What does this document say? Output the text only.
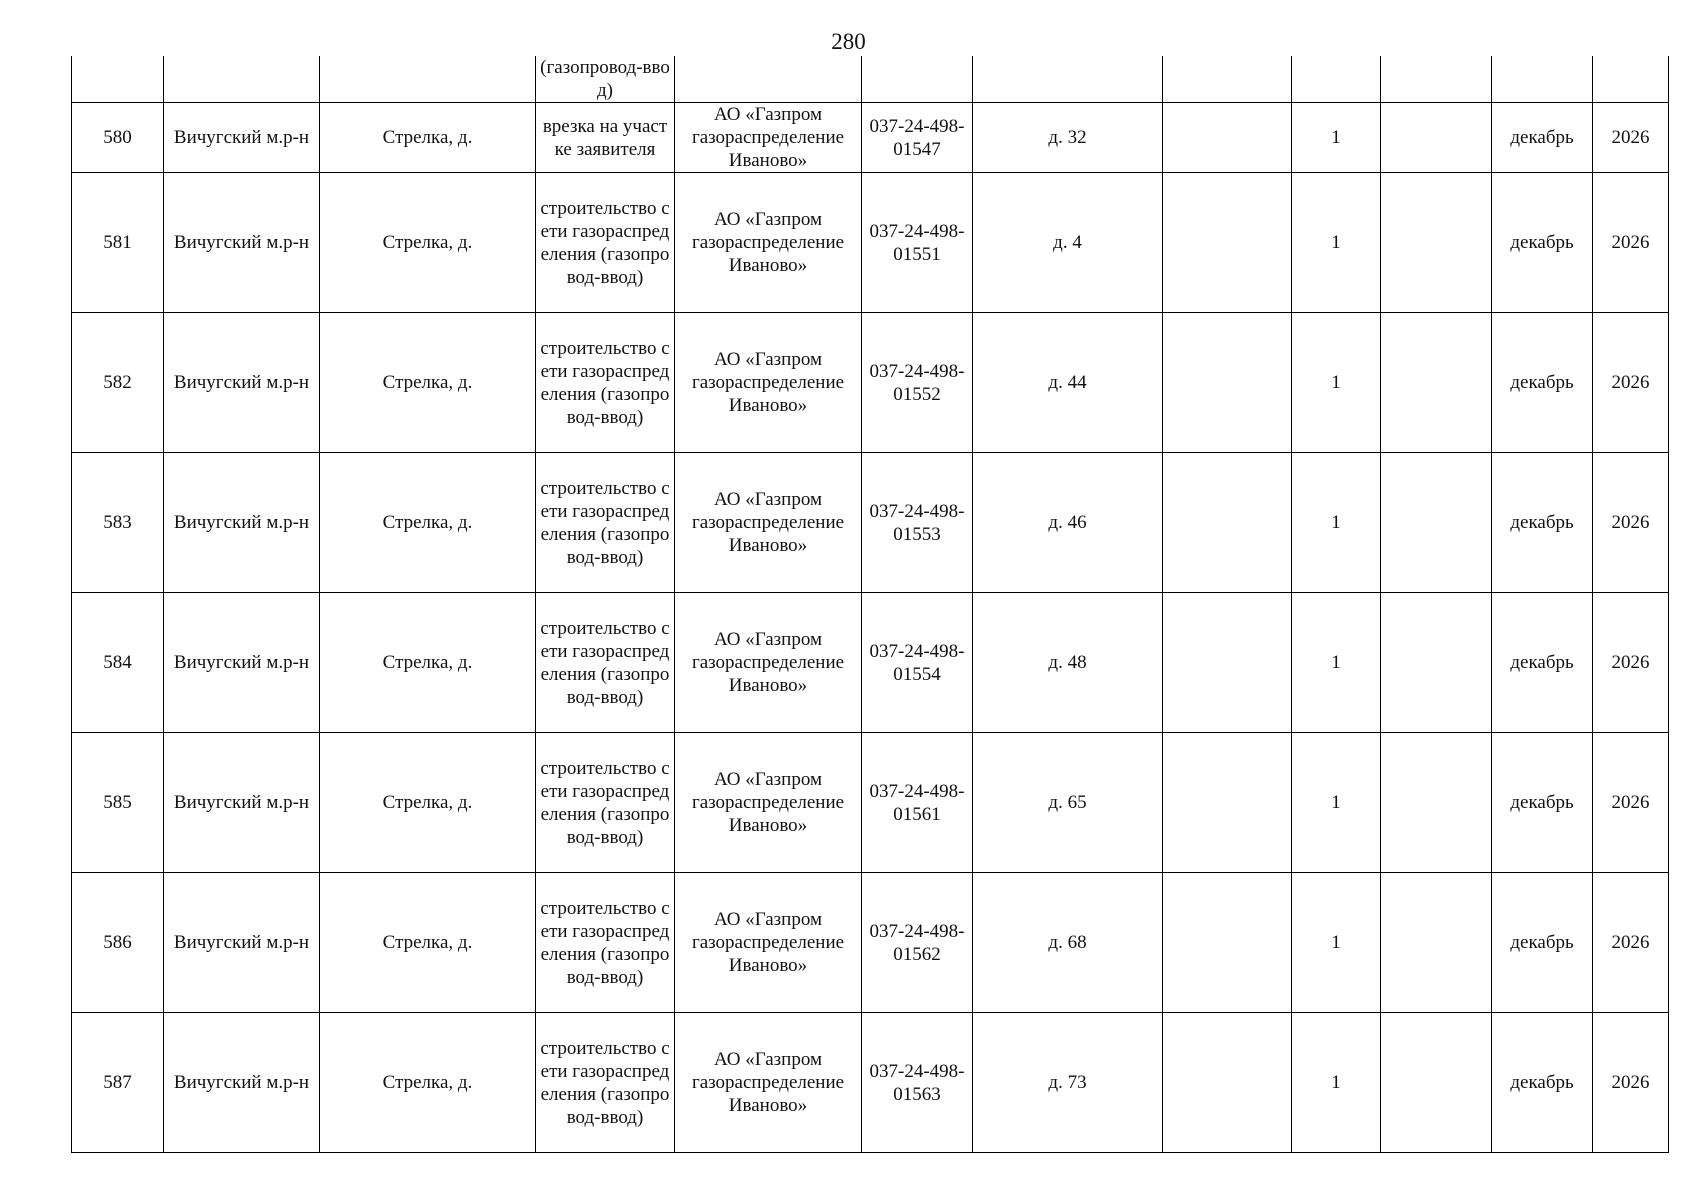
280
			(газопровод-ввод)								
580	Вичугский м.р-н	Стрелка, д.	врезка на участке заявителя	АО «Газпром газораспределение Иваново»	037-24-498-01547	д. 32		1		декабрь	2026
581	Вичугский м.р-н	Стрелка, д.	строительство сети газораспределения (газопровод-ввод)	АО «Газпром газораспределение Иваново»	037-24-498-01551	д. 4		1		декабрь	2026
582	Вичугский м.р-н	Стрелка, д.	строительство сети газораспределения (газопровод-ввод)	АО «Газпром газораспределение Иваново»	037-24-498-01552	д. 44		1		декабрь	2026
583	Вичугский м.р-н	Стрелка, д.	строительство сети газораспределения (газопровод-ввод)	АО «Газпром газораспределение Иваново»	037-24-498-01553	д. 46		1		декабрь	2026
584	Вичугский м.р-н	Стрелка, д.	строительство сети газораспределения (газопровод-ввод)	АО «Газпром газораспределение Иваново»	037-24-498-01554	д. 48		1		декабрь	2026
585	Вичугский м.р-н	Стрелка, д.	строительство сети газораспределения (газопровод-ввод)	АО «Газпром газораспределение Иваново»	037-24-498-01561	д. 65		1		декабрь	2026
586	Вичугский м.р-н	Стрелка, д.	строительство сети газораспределения (газопровод-ввод)	АО «Газпром газораспределение Иваново»	037-24-498-01562	д. 68		1		декабрь	2026
587	Вичугский м.р-н	Стрелка, д.	строительство сети газораспределения (газопровод-ввод)	АО «Газпром газораспределение Иваново»	037-24-498-01563	д. 73		1		декабрь	2026
